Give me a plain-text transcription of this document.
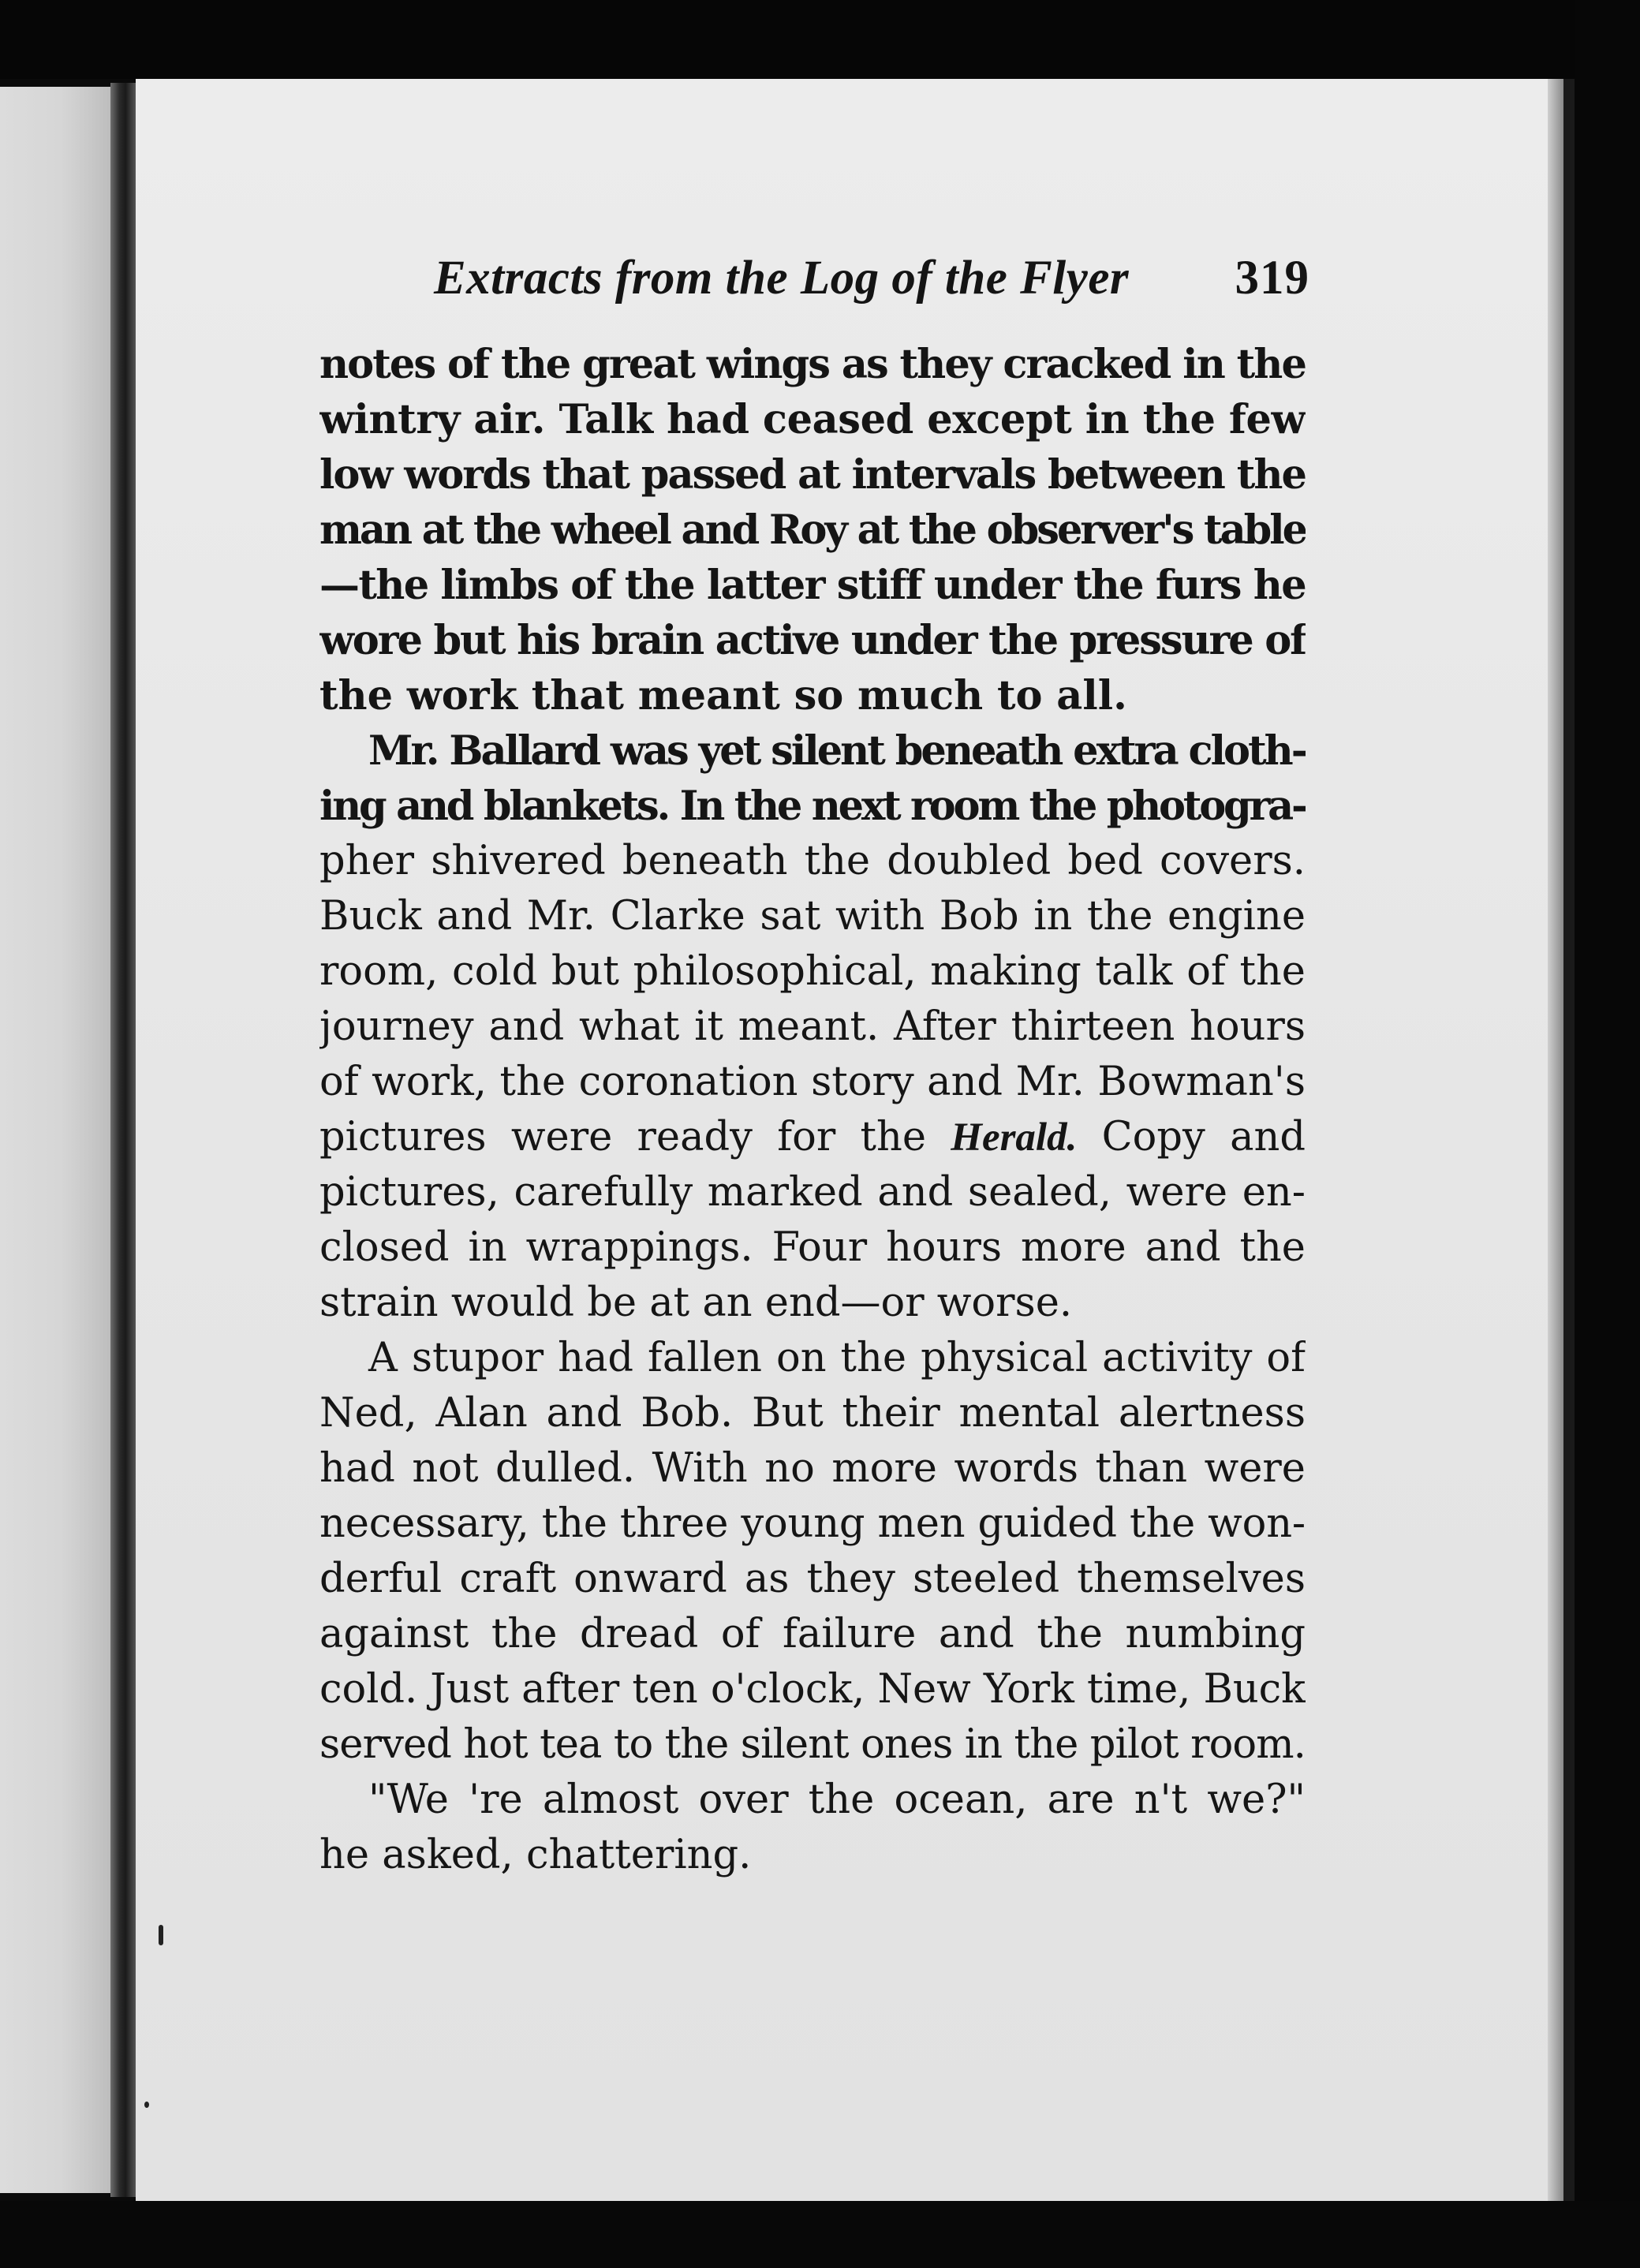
Extracts from the Log of the Flyer 319
notes of the great wings as they cracked in the
wintry air. Talk had ceased except in the few
low words that passed at intervals between the
man at the wheel and Roy at the observer's table
—the limbs of the latter stiff under the furs he
wore but his brain active under the pressure of
the work that meant so much to all.
Mr. Ballard was yet silent beneath extra cloth-
ing and blankets. In the next room the photogra-
pher shivered beneath the doubled bed covers.
Buck and Mr. Clarke sat with Bob in the engine
room, cold but philosophical, making talk of the
journey and what it meant. After thirteen hours
of work, the coronation story and Mr. Bowman's
pictures were ready for the Herald. Copy and
pictures, carefully marked and sealed, were en-
closed in wrappings. Four hours more and the
strain would be at an end—or worse.
A stupor had fallen on the physical activity of
Ned, Alan and Bob. But their mental alertness
had not dulled. With no more words than were
necessary, the three young men guided the won-
derful craft onward as they steeled themselves
against the dread of failure and the numbing
cold. Just after ten o'clock, New York time, Buck
served hot tea to the silent ones in the pilot room.
"We 're almost over the ocean, are n't we?"
he asked, chattering.
